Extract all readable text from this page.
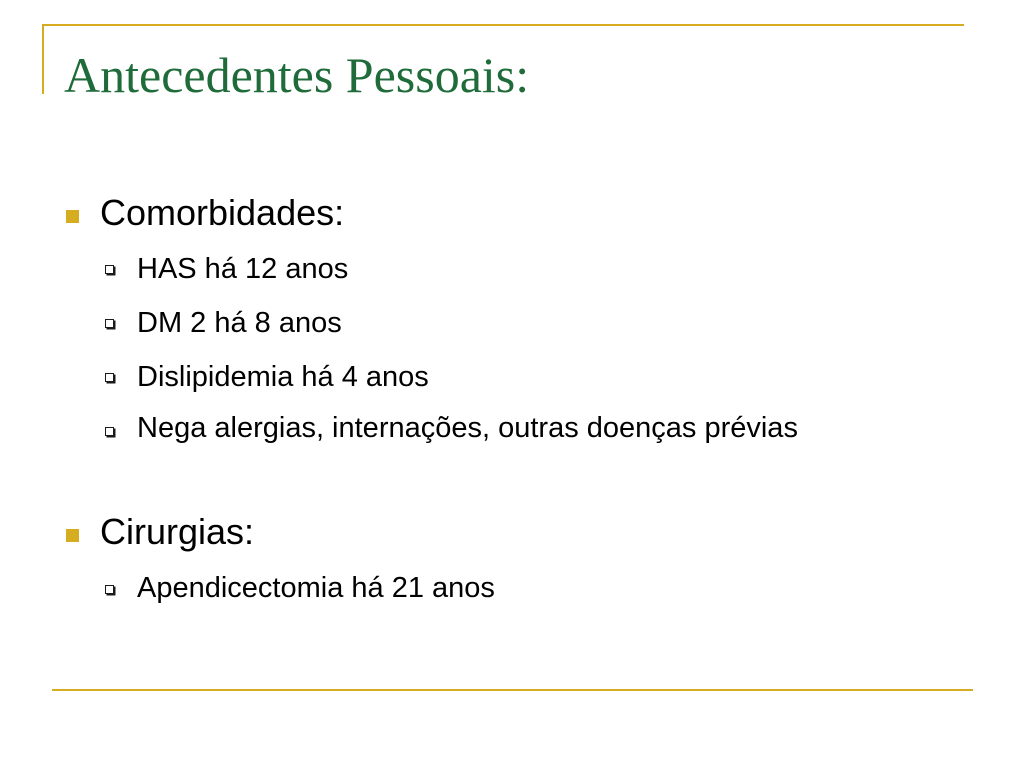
Antecedentes Pessoais:
Comorbidades:
HAS há 12 anos
DM 2 há 8 anos
Dislipidemia há 4 anos
Nega alergias, internações, outras doenças prévias
Cirurgias:
Apendicectomia há 21 anos
